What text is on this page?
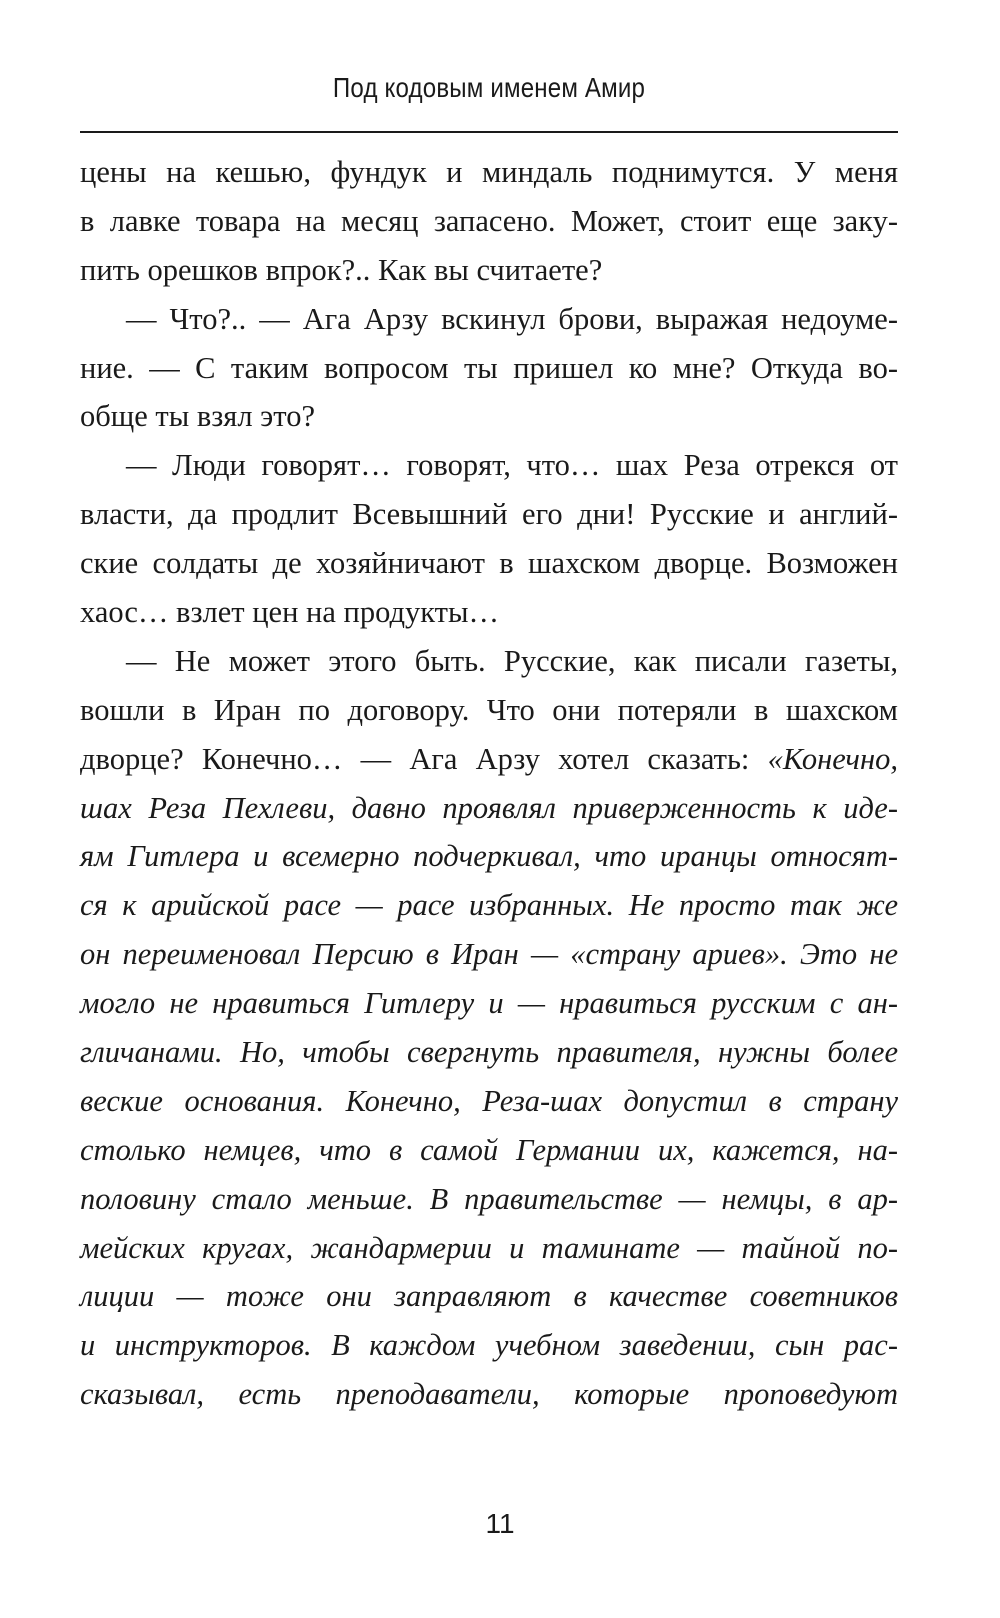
Под кодовым именем Амир
цены на кешью, фундук и миндаль поднимутся. У меня
в лавке товара на месяц запасено. Может, стоит еще заку-
пить орешков впрок?.. Как вы считаете?
— Что?.. — Ага Арзу вскинул брови, выражая недоуме-
ние. — С таким вопросом ты пришел ко мне? Откуда во-
обще ты взял это?
— Люди говорят… говорят, что… шах Реза отрекся от
власти, да продлит Всевышний его дни! Русские и англий-
ские солдаты де хозяйничают в шахском дворце. Возможен
хаос… взлет цен на продукты…
— Не может этого быть. Русские, как писали газеты,
вошли в Иран по договору. Что они потеряли в шахском
дворце? Конечно… — Ага Арзу хотел сказать: «Конечно,
шах Реза Пехлеви, давно проявлял приверженность к иде-
ям Гитлера и всемерно подчеркивал, что иранцы относят-
ся к арийской расе — расе избранных. Не просто так же
он переименовал Персию в Иран — «страну ариев». Это не
могло не нравиться Гитлеру и — нравиться русским с ан-
гличанами. Но, чтобы свергнуть правителя, нужны более
веские основания. Конечно, Реза-шах допустил в страну
столько немцев, что в самой Германии их, кажется, на-
половину стало меньше. В правительстве — немцы, в ар-
мейских кругах, жандармерии и таминате — тайной по-
лиции — тоже они заправляют в качестве советников
и инструкторов. В каждом учебном заведении, сын рас-
сказывал, есть преподаватели, которые проповедуют
11
